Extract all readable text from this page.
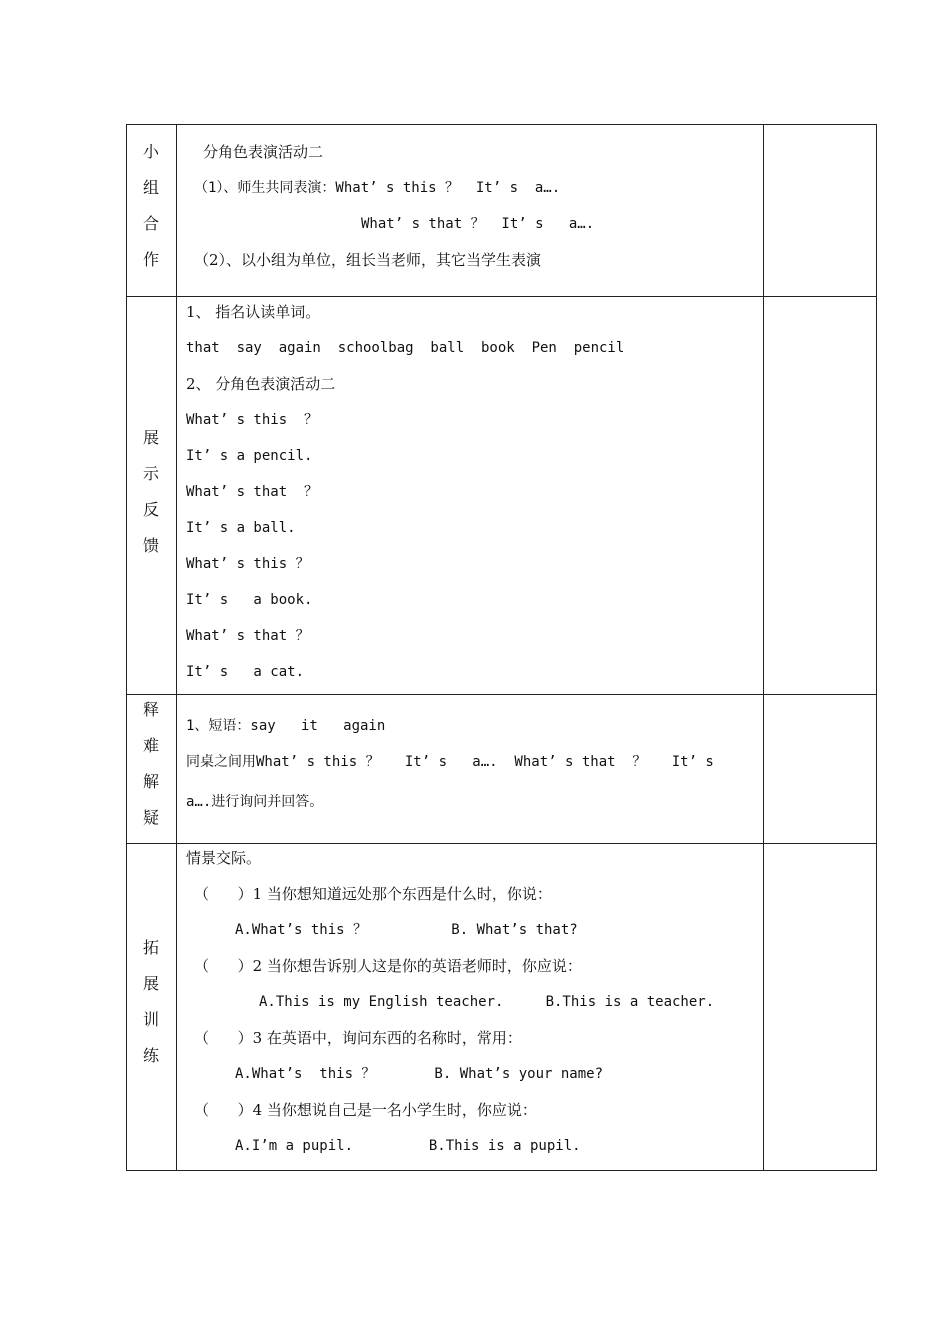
小
组
合
作
分角色表演活动二
（1）、师生共同表演：What’ s this ？  It’ s  a….
What’ s that ？  It’ s   a….
（2）、以小组为单位，组长当老师，其它当学生表演
展
示
反
馈
1、 指名认读单词。
that  say  again  schoolbag  ball  book  Pen  pencil
2、 分角色表演活动二
What’ s this  ？
It’ s a pencil.
What’ s that  ？
It’ s a ball.
What’ s this ？
It’ s   a book.
What’ s that ？
It’ s   a cat.
释
难
解
疑
1、短语：say   it   again
同桌之间用What’ s this ？   It’ s   a….  What’ s that  ？   It’ s
a….进行询问并回答。
拓
展
训
练
情景交际。
（      ）1 当你想知道远处那个东西是什么时，你说：
A.What’s this ？          B. What’s that?
（      ）2 当你想告诉别人这是你的英语老师时，你应说：
A.This is my English teacher.     B.This is a teacher.
（      ）3 在英语中，询问东西的名称时，常用：
A.What’s  this ？       B. What’s your name?
（      ）4 当你想说自己是一名小学生时，你应说：
A.I’m a pupil.         B.This is a pupil.
